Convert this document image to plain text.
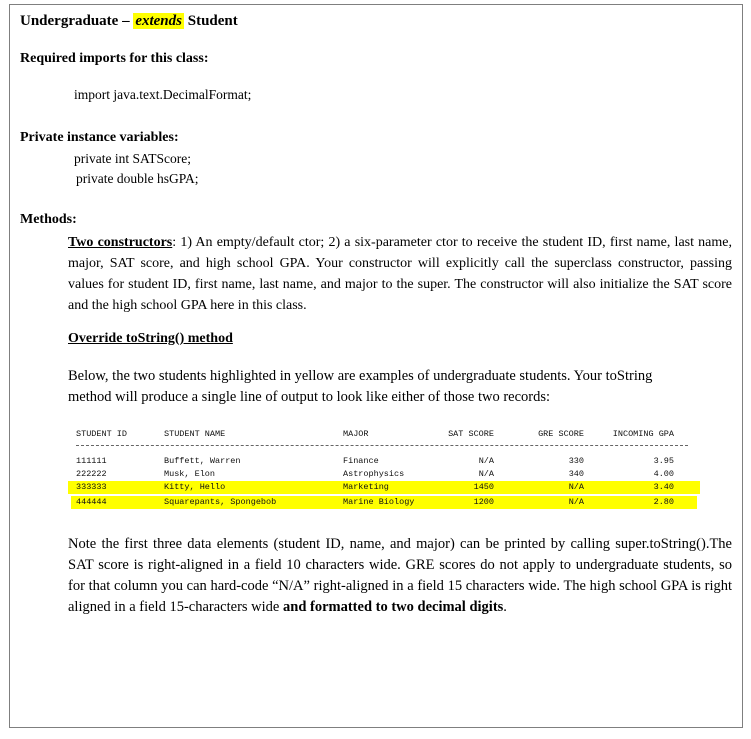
Undergraduate – extends Student
Required imports for this class:
import java.text.DecimalFormat;
Private instance variables:
private int SATScore;
private double hsGPA;
Methods:
Two constructors: 1) An empty/default ctor; 2) a six-parameter ctor to receive the student ID, first name, last name, major, SAT score, and high school GPA. Your constructor will explicitly call the superclass constructor, passing values for student ID, first name, last name, and major to the super. The constructor will also initialize the SAT score and the high school GPA here in this class.
Override toString() method
Below, the two students highlighted in yellow are examples of undergraduate students. Your toString method will produce a single line of output to look like either of those two records:
STUDENT ID	STUDENT NAME	MAJOR	SAT SCORE	GRE SCORE	INCOMING GPA
111111	Buffett, Warren	Finance	N/A	330	3.95
222222	Musk, Elon	Astrophysics	N/A	340	4.00
333333	Kitty, Hello	Marketing	1450	N/A	3.40
444444	Squarepants, Spongebob	Marine Biology	1200	N/A	2.80
Note the first three data elements (student ID, name, and major) can be printed by calling super.toString().The SAT score is right-aligned in a field 10 characters wide. GRE scores do not apply to undergraduate students, so for that column you can hard-code “N/A” right-aligned in a field 15 characters wide. The high school GPA is right aligned in a field 15-characters wide and formatted to two decimal digits.
